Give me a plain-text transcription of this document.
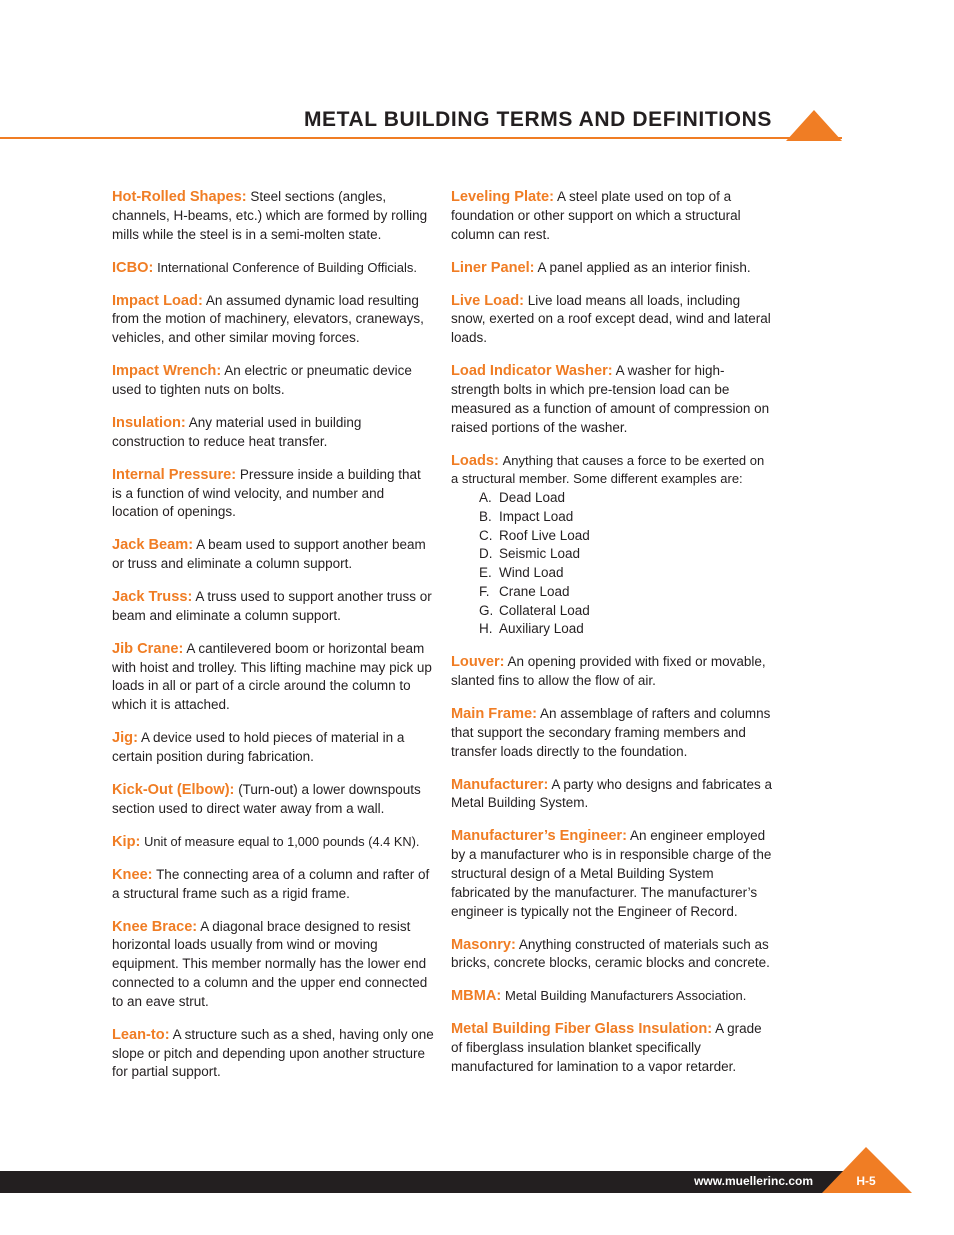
METAL BUILDING TERMS AND DEFINITIONS

Hot-Rolled Shapes: Steel sections (angles, channels, H-beams, etc.) which are formed by rolling mills while the steel is in a semi-molten state.

ICBO: International Conference of Building Officials.

Impact Load: An assumed dynamic load resulting from the motion of machinery, elevators, craneways, vehicles, and other similar moving forces.

Impact Wrench: An electric or pneumatic device used to tighten nuts on bolts.

Insulation: Any material used in building construction to reduce heat transfer.

Internal Pressure: Pressure inside a building that is a function of wind velocity, and number and location of openings.

Jack Beam: A beam used to support another beam or truss and eliminate a column support.

Jack Truss: A truss used to support another truss or beam and eliminate a column support.

Jib Crane: A cantilevered boom or horizontal beam with hoist and trolley. This lifting machine may pick up loads in all or part of a circle around the column to which it is attached.

Jig: A device used to hold pieces of material in a certain position during fabrication.

Kick-Out (Elbow): (Turn-out) a lower downspouts section used to direct water away from a wall.

Kip: Unit of measure equal to 1,000 pounds (4.4 KN).

Knee: The connecting area of a column and rafter of a structural frame such as a rigid frame.

Knee Brace: A diagonal brace designed to resist horizontal loads usually from wind or moving equipment. This member normally has the lower end connected to a column and the upper end connected to an eave strut.

Lean-to: A structure such as a shed, having only one slope or pitch and depending upon another structure for partial support.

Leveling Plate: A steel plate used on top of a foundation or other support on which a structural column can rest.

Liner Panel: A panel applied as an interior finish.

Live Load: Live load means all loads, including snow, exerted on a roof except dead, wind and lateral loads.

Load Indicator Washer: A washer for high-strength bolts in which pre-tension load can be measured as a function of amount of compression on raised portions of the washer.

Loads: Anything that causes a force to be exerted on a structural member. Some different examples are:
A. Dead Load
B. Impact Load
C. Roof Live Load
D. Seismic Load
E. Wind Load
F. Crane Load
G. Collateral Load
H. Auxiliary Load

Louver: An opening provided with fixed or movable, slanted fins to allow the flow of air.

Main Frame: An assemblage of rafters and columns that support the secondary framing members and transfer loads directly to the foundation.

Manufacturer: A party who designs and fabricates a Metal Building System.

Manufacturer’s Engineer: An engineer employed by a manufacturer who is in responsible charge of the structural design of a Metal Building System fabricated by the manufacturer. The manufacturer’s engineer is typically not the Engineer of Record.

Masonry: Anything constructed of materials such as bricks, concrete blocks, ceramic blocks and concrete.

MBMA: Metal Building Manufacturers Association.

Metal Building Fiber Glass Insulation: A grade of fiberglass insulation blanket specifically manufactured for lamination to a vapor retarder.

www.muellerinc.com	H-5
